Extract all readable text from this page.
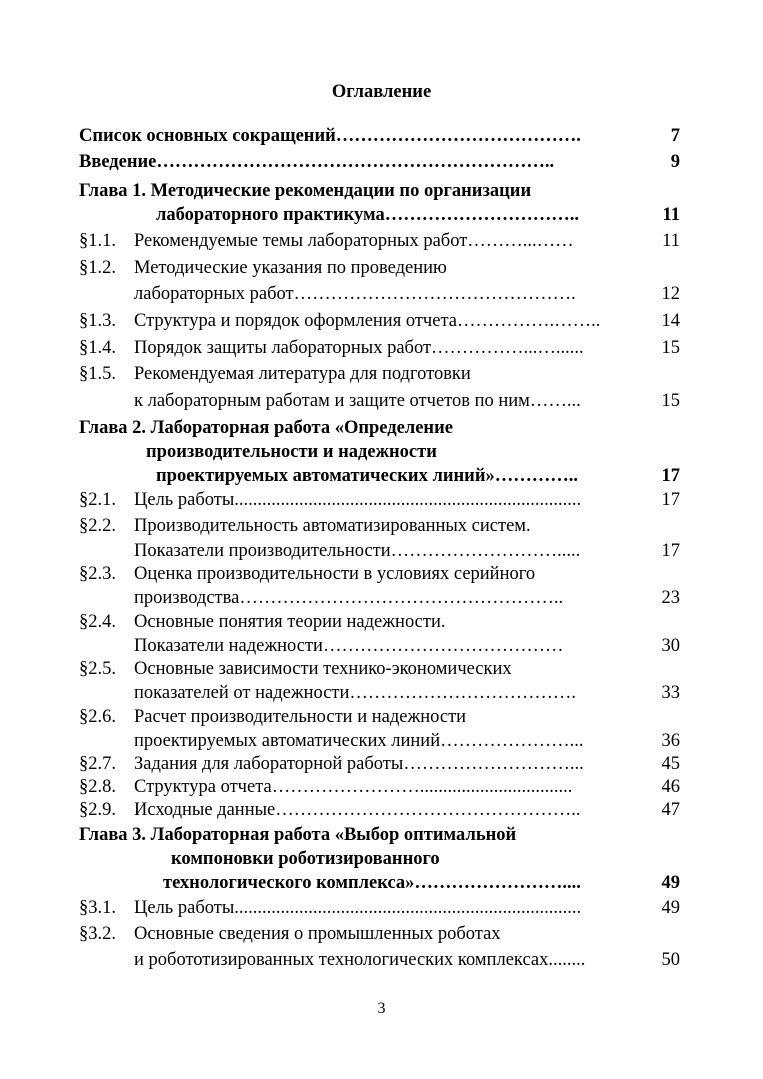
Оглавление
Список основных сокращений………………………………….	7
Введение………………………………………………………..	9
Глава 1. Методические рекомендации по организации
лабораторного практикума…………………………..	11
§1.1. Рекомендуемые темы лабораторных работ………...……	11
§1.2. Методические указания по проведению
лабораторных работ……………………………………….	12
§1.3. Структура и порядок оформления отчета…………….……..	14
§1.4. Порядок защиты лабораторных работ……………...…......	15
§1.5. Рекомендуемая литература для подготовки
к лабораторным работам и защите отчетов по ним……...	15
Глава 2. Лабораторная работа «Определение
производительности и надежности
проектируемых автоматических линий»…………..	17
§2.1. Цель работы...........................................................................	17
§2.2. Производительность автоматизированных систем.
Показатели производительности……………………….....	17
§2.3. Оценка производительности в условиях серийного
производства……………………………………………..	23
§2.4. Основные понятия теории надежности.
Показатели надежности…………………………………	30
§2.5. Основные зависимости технико-экономических
показателей от надежности……………………………….	33
§2.6. Расчет производительности и надежности
проектируемых автоматических линий…………………...	36
§2.7. Задания для лабораторной работы………………………...	45
§2.8. Структура отчета…………………….................................	46
§2.9. Исходные данные…………………………………………..	47
Глава 3. Лабораторная работа «Выбор оптимальной
компоновки роботизированного
технологического комплекса»……………………....	49
§3.1. Цель работы...........................................................................	49
§3.2. Основные сведения о промышленных роботах
и робототизированных технологических комплексах........	50
3
